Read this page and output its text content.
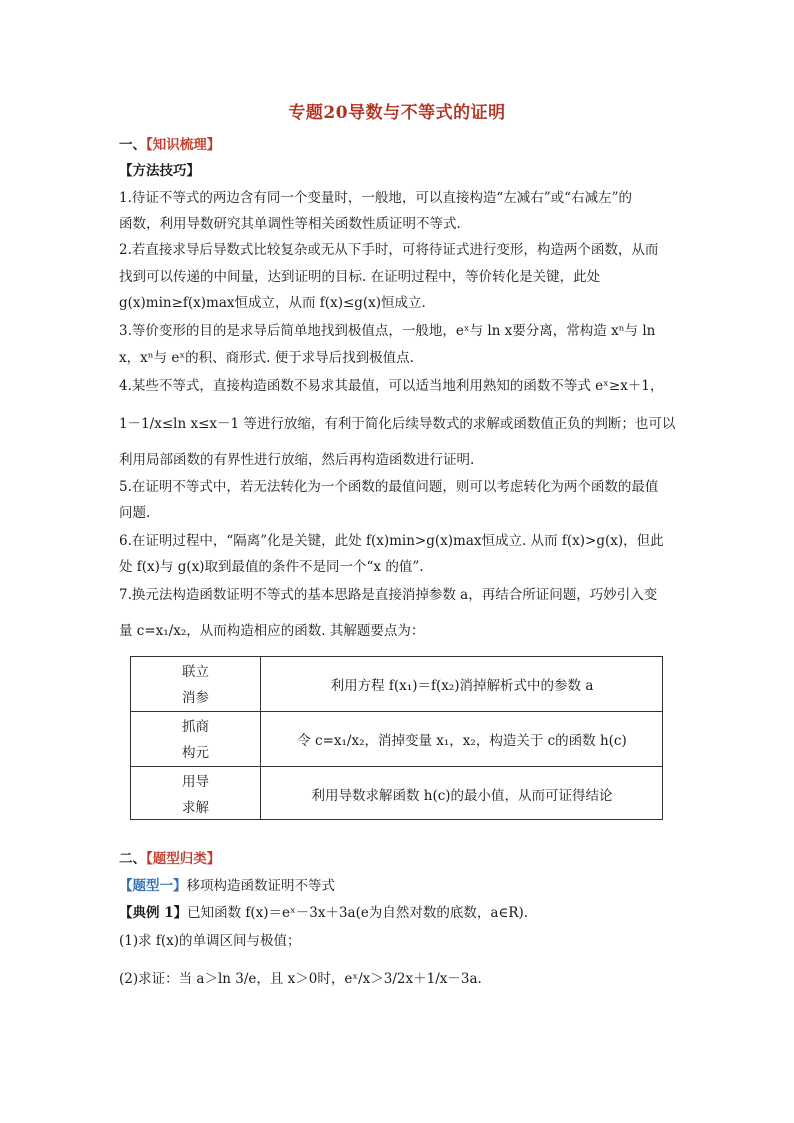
专题20导数与不等式的证明
一、【知识梳理】
【方法技巧】
1.待证不等式的两边含有同一个变量时，一般地，可以直接构造“左减右”或“右减左”的
函数，利用导数研究其单调性等相关函数性质证明不等式.
2.若直接求导后导数式比较复杂或无从下手时，可将待证式进行变形，构造两个函数，从而
找到可以传递的中间量，达到证明的目标. 在证明过程中，等价转化是关键，此处
g(x)min≥f(x)max恒成立，从而 f(x)≤g(x)恒成立.
3.等价变形的目的是求导后简单地找到极值点，一般地，eˣ与 ln x要分离，常构造 xⁿ与 ln
x，xⁿ与 eˣ的积、商形式. 便于求导后找到极值点.
4.某些不等式，直接构造函数不易求其最值，可以适当地利用熟知的函数不等式 eˣ≥x＋1，
1－1/x≤ln x≤x－1 等进行放缩，有利于简化后续导数式的求解或函数值正负的判断；也可以
利用局部函数的有界性进行放缩，然后再构造函数进行证明.
5.在证明不等式中，若无法转化为一个函数的最值问题，则可以考虑转化为两个函数的最值
问题.
6.在证明过程中，“隔离”化是关键，此处 f(x)min>g(x)max恒成立. 从而 f(x)>g(x)，但此
处 f(x)与 g(x)取到最值的条件不是同一个“x 的值”.
7.换元法构造函数证明不等式的基本思路是直接消掉参数 a，再结合所证问题，巧妙引入变
量 c=x₁/x₂，从而构造相应的函数. 其解题要点为：
联立
消参
利用方程 f(x₁)＝f(x₂)消掉解析式中的参数 a
抓商
构元
令 c=x₁/x₂，消掉变量 x₁，x₂，构造关于 c的函数 h(c)
用导
求解
利用导数求解函数 h(c)的最小值，从而可证得结论
二、【题型归类】
【题型一】移项构造函数证明不等式
【典例 1】已知函数 f(x)＝eˣ－3x＋3a(e为自然对数的底数，a∈R).
(1)求 f(x)的单调区间与极值；
(2)求证：当 a＞ln 3/e，且 x＞0时，eˣ/x＞3/2x＋1/x－3a.
